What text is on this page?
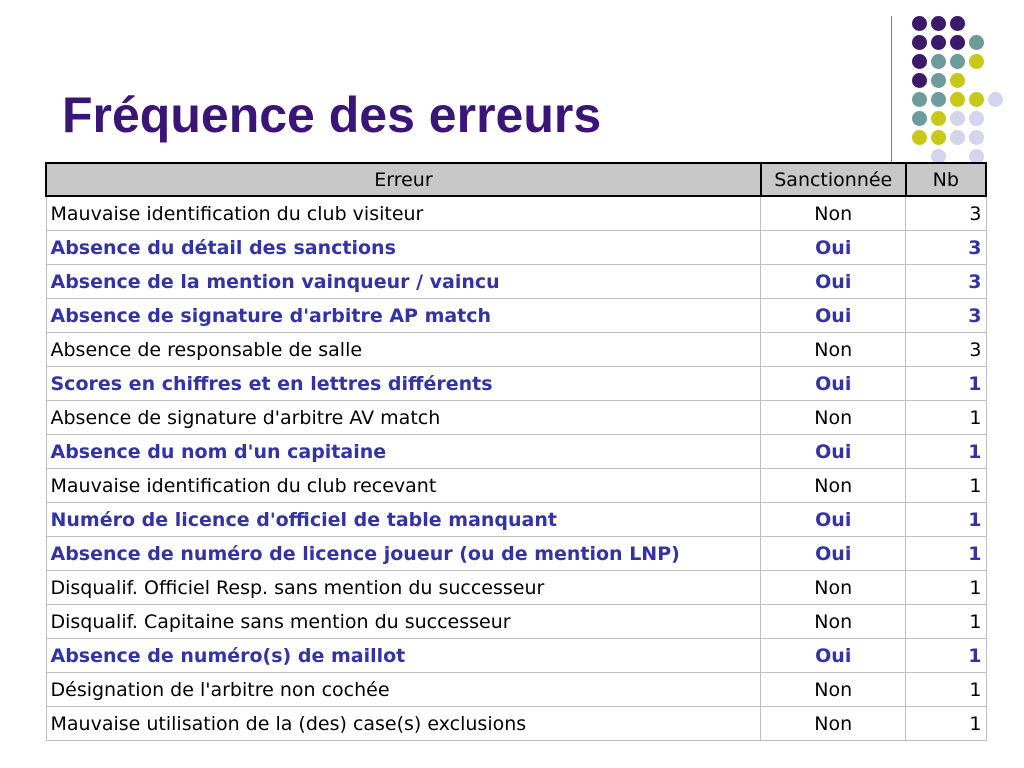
Fréquence des erreurs
Erreur	Sanctionnée	Nb
Mauvaise identification du club visiteur	Non	3
Absence du détail des sanctions	Oui	3
Absence de la mention vainqueur / vaincu	Oui	3
Absence de signature d'arbitre AP match	Oui	3
Absence de responsable de salle	Non	3
Scores en chiffres et en lettres différents	Oui	1
Absence de signature d'arbitre AV match	Non	1
Absence du nom d'un capitaine	Oui	1
Mauvaise identification du club recevant	Non	1
Numéro de licence d'officiel de table manquant	Oui	1
Absence de numéro de licence joueur (ou de mention LNP)	Oui	1
Disqualif. Officiel Resp. sans mention du successeur	Non	1
Disqualif. Capitaine sans mention du successeur	Non	1
Absence de numéro(s) de maillot	Oui	1
Désignation de l'arbitre non cochée	Non	1
Mauvaise utilisation de la (des) case(s) exclusions	Non	1
